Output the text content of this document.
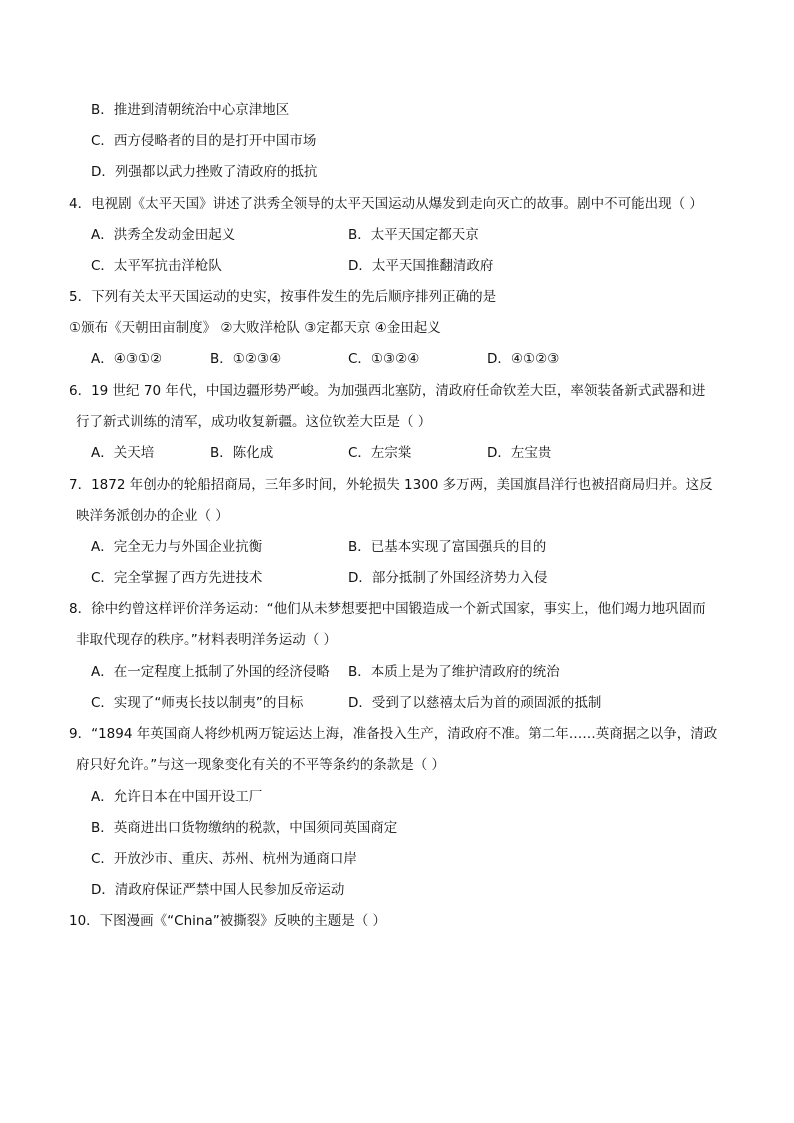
B．推进到清朝统治中心京津地区
C．西方侵略者的目的是打开中国市场
D．列强都以武力挫败了清政府的抵抗
4．电视剧《太平天国》讲述了洪秀全领导的太平天国运动从爆发到走向灭亡的故事。剧中不可能出现（ ）
A．洪秀全发动金田起义	B．太平天国定都天京
C．太平军抗击洋枪队	D．太平天国推翻清政府
5．下列有关太平天国运动的史实，按事件发生的先后顺序排列正确的是
①颁布《天朝田亩制度》 ②大败洋枪队 ③定都天京 ④金田起义
A．④③①②	B．①②③④	C．①③②④	D．④①②③
6．19 世纪 70 年代，中国边疆形势严峻。为加强西北塞防，清政府任命钦差大臣，率领装备新式武器和进
行了新式训练的清军，成功收复新疆。这位钦差大臣是（ ）
A．关天培	B．陈化成	C．左宗棠	D．左宝贵
7．1872 年创办的轮船招商局，三年多时间，外轮损失 1300 多万两，美国旗昌洋行也被招商局归并。这反
映洋务派创办的企业（ ）
A．完全无力与外国企业抗衡	B．已基本实现了富国强兵的目的
C．完全掌握了西方先进技术	D．部分抵制了外国经济势力入侵
8．徐中约曾这样评价洋务运动：“他们从未梦想要把中国锻造成一个新式国家，事实上，他们竭力地巩固而
非取代现存的秩序。”材料表明洋务运动（ ）
A．在一定程度上抵制了外国的经济侵略 B．本质上是为了维护清政府的统治
C．实现了“师夷长技以制夷”的目标	D．受到了以慈禧太后为首的顽固派的抵制
9．“1894 年英国商人将纱机两万锭运达上海，准备投入生产，清政府不准。第二年……英商据之以争，清政
府只好允许。”与这一现象变化有关的不平等条约的条款是（ ）
A．允许日本在中国开设工厂
B．英商进出口货物缴纳的税款，中国须同英国商定
C．开放沙市、重庆、苏州、杭州为通商口岸
D．清政府保证严禁中国人民参加反帝运动
10．下图漫画《“China”被撕裂》反映的主题是（ ）
